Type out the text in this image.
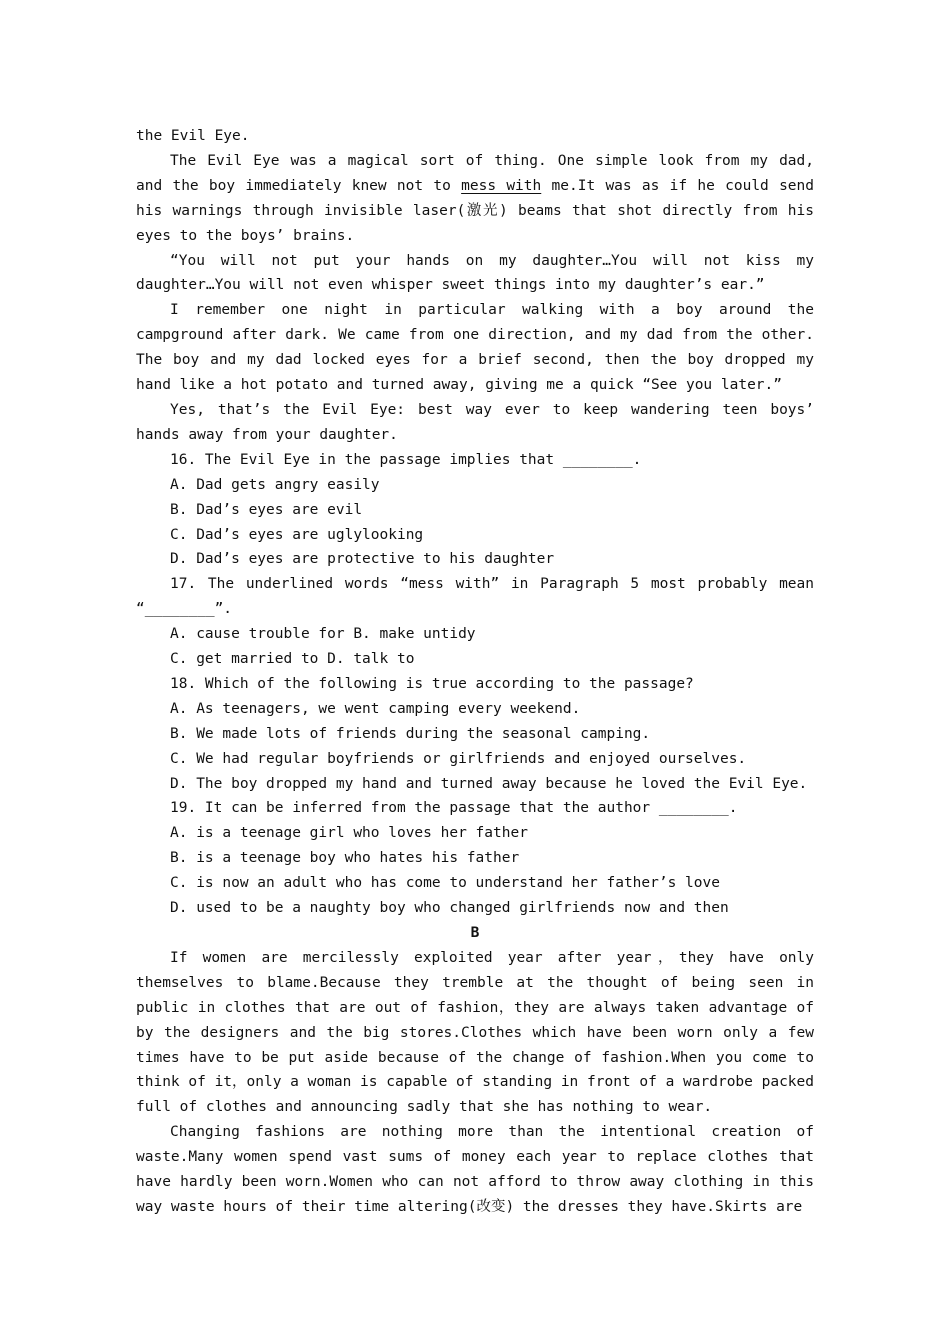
the Evil Eye.

The Evil Eye was a magical sort of thing. One simple look from my dad, and the boy immediately knew not to mess with me.It was as if he could send his warnings through invisible laser(激光) beams that shot directly from his eyes to the boys’ brains.

“You will not put your hands on my daughter…You will not kiss my daughter…You will not even whisper sweet things into my daughter’s ear.”

I remember one night in particular walking with a boy around the campground after dark. We came from one direction, and my dad from the other. The boy and my dad locked eyes for a brief second, then the boy dropped my hand like a hot potato and turned away, giving me a quick “See you later.”

Yes, that’s the Evil Eye: best way ever to keep wandering teen boys’ hands away from your daughter.

16. The Evil Eye in the passage implies that ________.

A. Dad gets angry easily

B. Dad’s eyes are evil

C. Dad’s eyes are uglylooking

D. Dad’s eyes are protective to his daughter

17. The underlined words “mess with” in Paragraph 5 most probably mean “________”.

A. cause trouble for B. make untidy

C. get married to D. talk to

18. Which of the following is true according to the passage?

A. As teenagers, we went camping every weekend.

B. We made lots of friends during the seasonal camping.

C. We had regular boyfriends or girlfriends and enjoyed ourselves.

D. The boy dropped my hand and turned away because he loved the Evil Eye.

19. It can be inferred from the passage that the author ________.

A. is a teenage girl who loves her father

B. is a teenage boy who hates his father

C. is now an adult who has come to understand her father’s love

D. used to be a naughty boy who changed girlfriends now and then

B

If women are mercilessly exploited year after year，they have only themselves to blame.Because they tremble at the thought of being seen in public in clothes that are out of fashion，they are always taken advantage of by the designers and the big stores.Clothes which have been worn only a few times have to be put aside because of the change of fashion.When you come to think of it，only a woman is capable of standing in front of a wardrobe packed full of clothes and announcing sadly that she has nothing to wear.

Changing fashions are nothing more than the intentional creation of waste.Many women spend vast sums of money each year to replace clothes that have hardly been worn.Women who can not afford to throw away clothing in this way waste hours of their time altering(改变) the dresses they have.Skirts are
